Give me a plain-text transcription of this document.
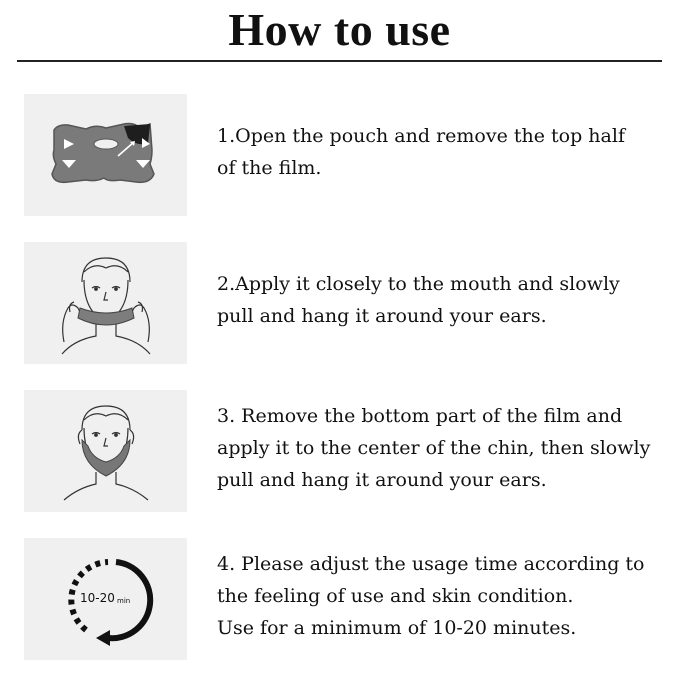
How to use
1.Open the pouch and remove the top half
of the film.
2.Apply it closely to the mouth and slowly
pull and hang it around your ears.
3. Remove the bottom part of the film and
apply it to the center of the chin, then slowly
pull and hang it around your ears.
10-20 min
4. Please adjust the usage time according to
the feeling of use and skin condition.
Use for a minimum of 10-20 minutes.
